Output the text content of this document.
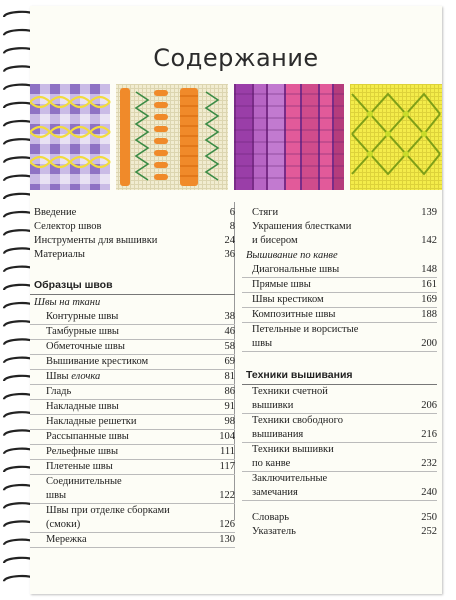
Содержание
Введение	6
Селектор швов	8
Инструменты для вышивки	24
Материалы	36
Образцы швов
Швы на ткани
Контурные швы	38
Тамбурные швы	46
Обметочные швы	58
Вышивание крестиком	69
Швы елочка	81
Гладь	86
Накладные швы	91
Накладные решетки	98
Рассыпанные швы	104
Рельефные швы	111
Плетеные швы	117
Соединительные
швы	122
Швы при отделке сборками
(смоки)	126
Мережка	130
Стяги	139
Украшения блестками
и бисером	142
Вышивание по канве
Диагональные швы	148
Прямые швы	161
Швы крестиком	169
Композитные швы	188
Петельные и ворсистые
швы	200
Техники вышивания
Техники счетной
вышивки	206
Техники свободного
вышивания	216
Техники вышивки
по канве	232
Заключительные
замечания	240
Словарь	250
Указатель	252
